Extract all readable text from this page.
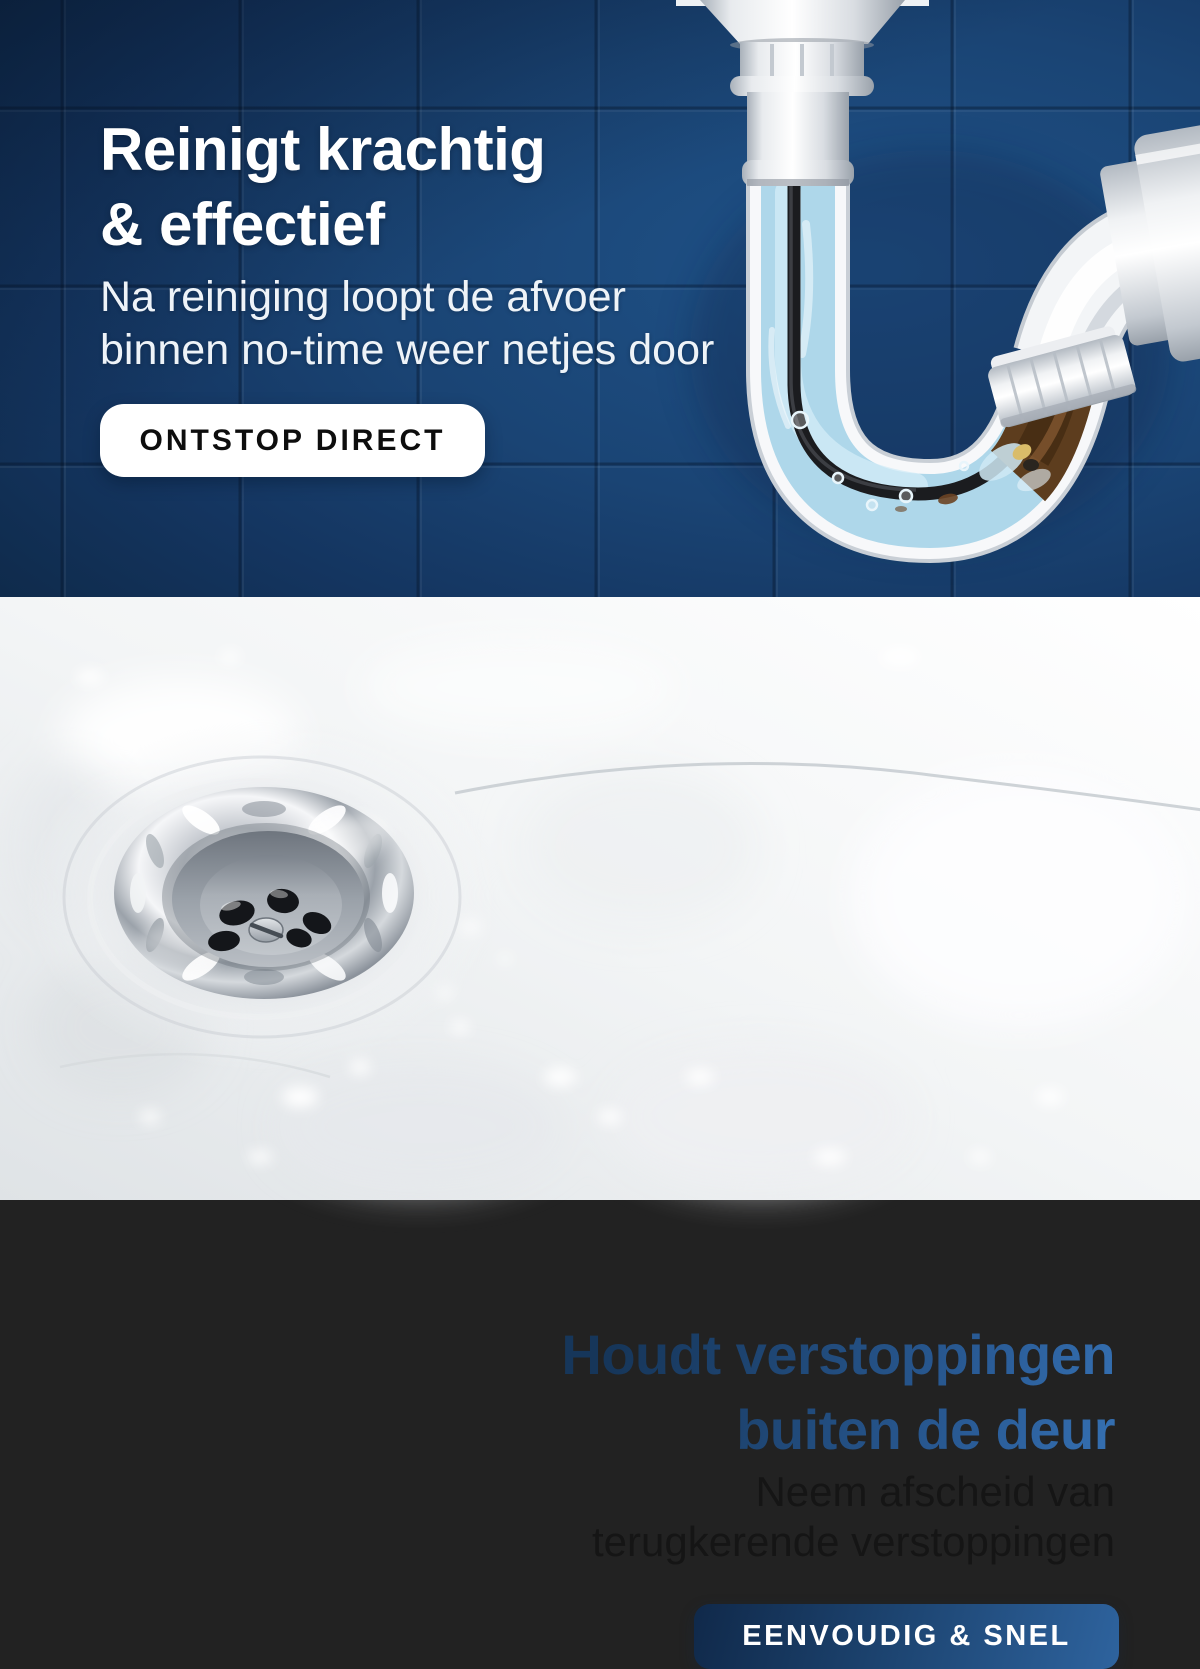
Reinigt krachtig
& effectief
Na reiniging loopt de afvoer
binnen no-time weer netjes door
ONTSTOP DIRECT
Houdt verstoppingen
buiten de deur
Neem afscheid van
terugkerende verstoppingen
EENVOUDIG & SNEL
